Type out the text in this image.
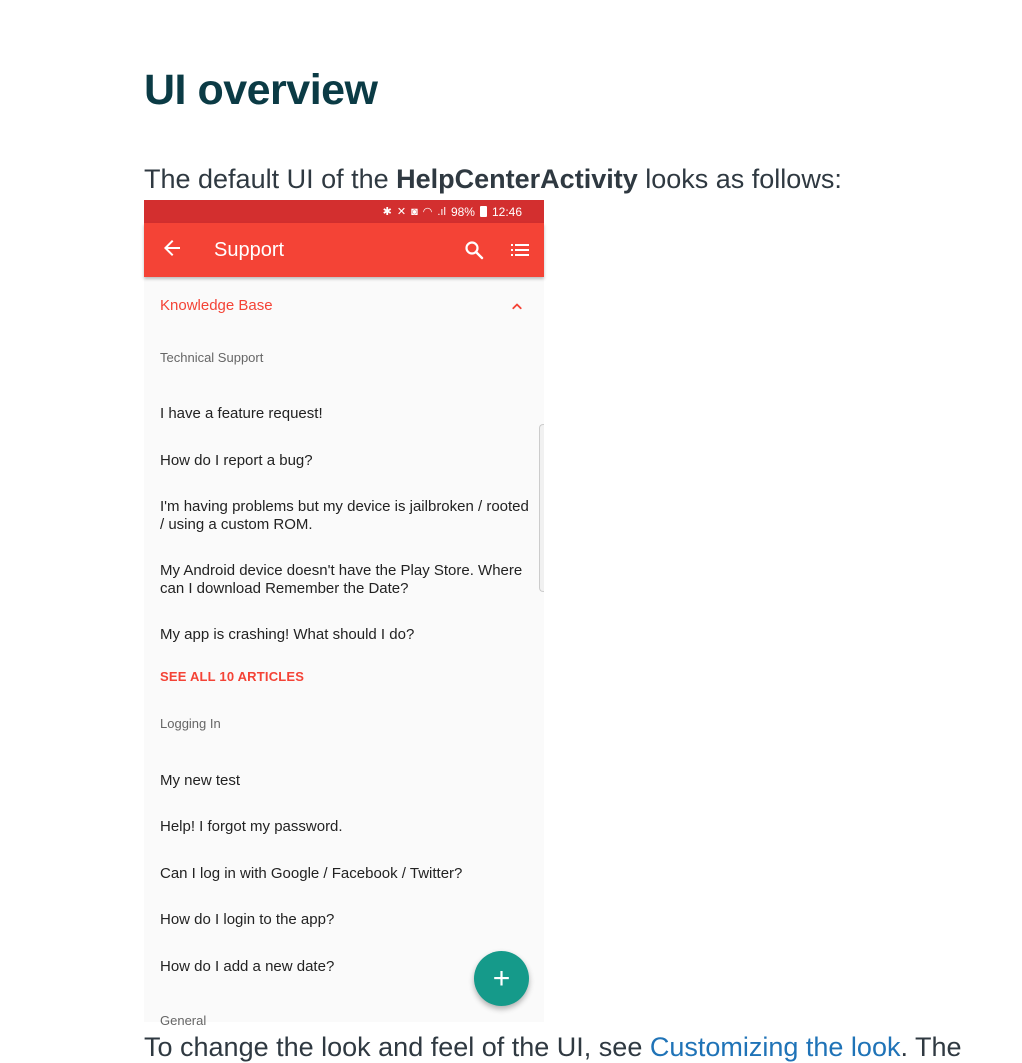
UI overview

The default UI of the HelpCenterActivity looks as follows:

✱ ✕ ◙ ◠ .ıl 98% 12:46
Support
Knowledge Base
Technical Support
I have a feature request!
How do I report a bug?
I'm having problems but my device is jailbroken / rooted / using a custom ROM.
My Android device doesn't have the Play Store. Where can I download Remember the Date?
My app is crashing! What should I do?
SEE ALL 10 ARTICLES
Logging In
My new test
Help! I forgot my password.
Can I log in with Google / Facebook / Twitter?
How do I login to the app?
How do I add a new date?
General
+

To change the look and feel of the UI, see Customizing the look. The
